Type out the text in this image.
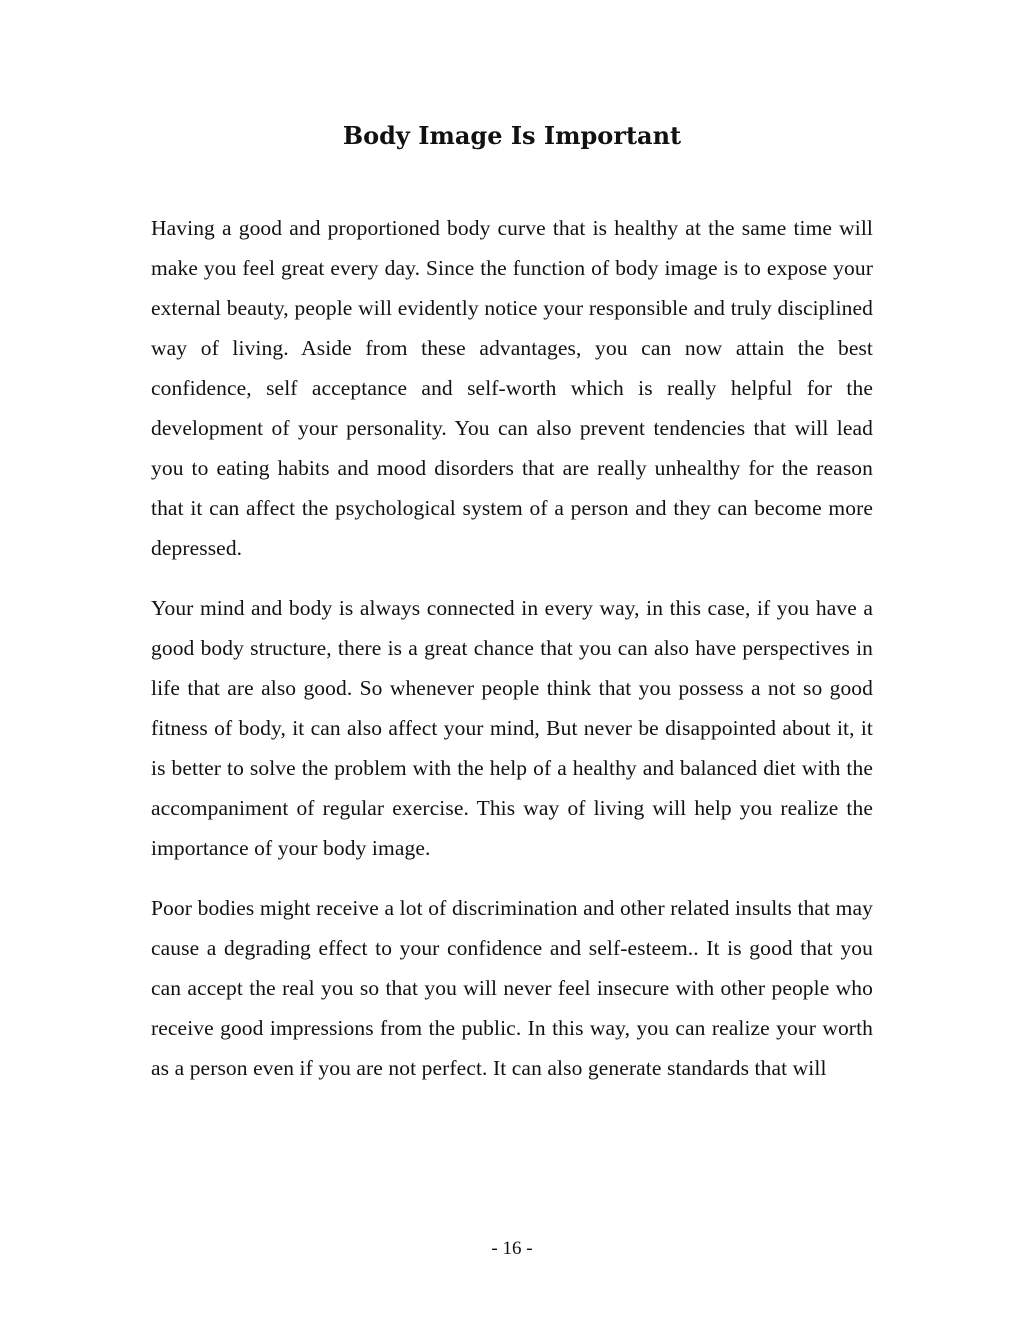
Body Image Is Important

Having a good and proportioned body curve that is healthy at the same time will make you feel great every day. Since the function of body image is to expose your external beauty, people will evidently notice your responsible and truly disciplined way of living. Aside from these advantages, you can now attain the best confidence, self acceptance and self-worth which is really helpful for the development of your personality. You can also prevent tendencies that will lead you to eating habits and mood disorders that are really unhealthy for the reason that it can affect the psychological system of a person and they can become more depressed.

Your mind and body is always connected in every way, in this case, if you have a good body structure, there is a great chance that you can also have perspectives in life that are also good. So whenever people think that you possess a not so good fitness of body, it can also affect your mind, But never be disappointed about it, it is better to solve the problem with the help of a healthy and balanced diet with the accompaniment of regular exercise. This way of living will help you realize the importance of your body image.

Poor bodies might receive a lot of discrimination and other related insults that may cause a degrading effect to your confidence and self-esteem.. It is good that you can accept the real you so that you will never feel insecure with other people who receive good impressions from the public. In this way, you can realize your worth as a person even if you are not perfect. It can also generate standards that will

- 16 -
